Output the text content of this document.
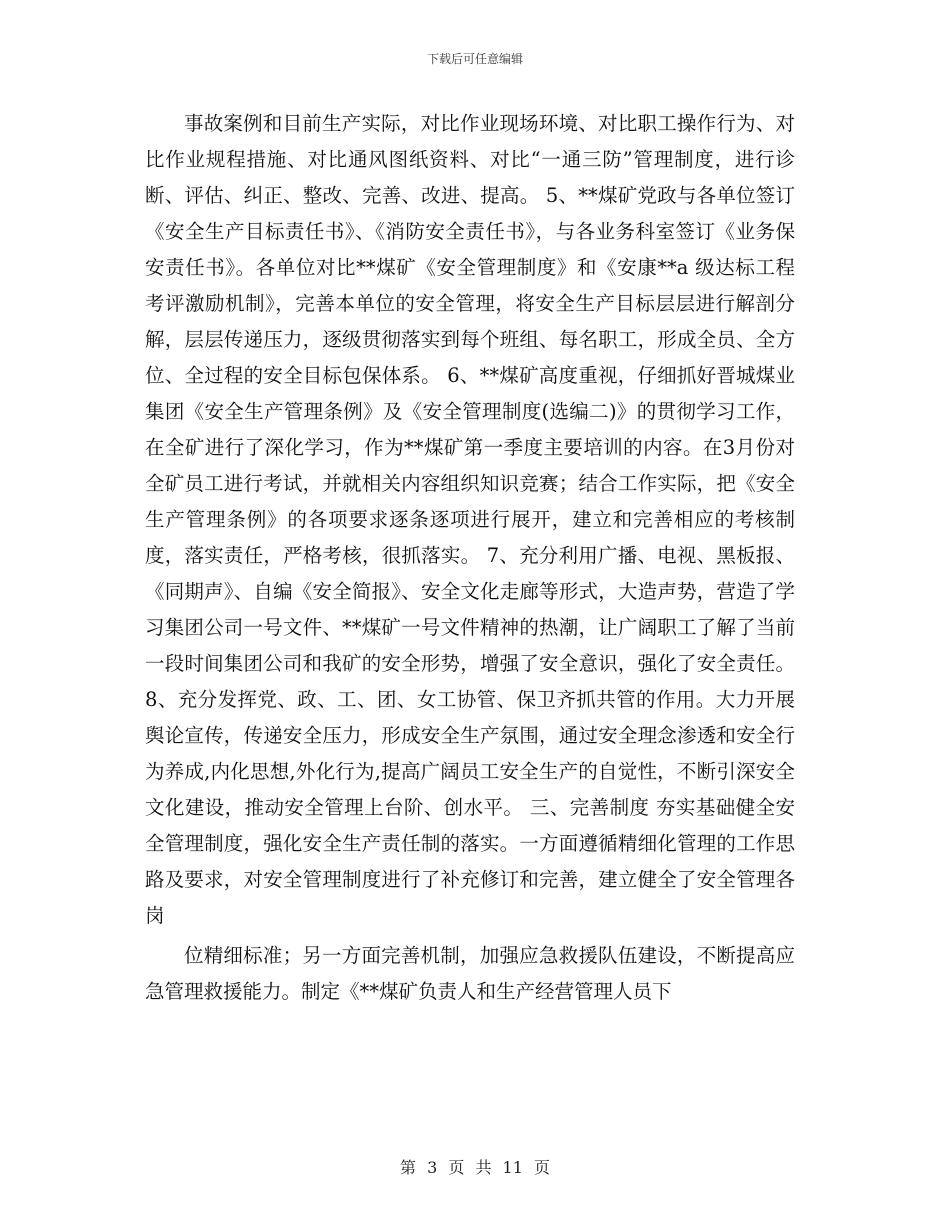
下载后可任意编辑

事故案例和目前生产实际，对比作业现场环境、对比职工操作行为、对比作业规程措施、对比通风图纸资料、对比“一通三防”管理制度，进行诊断、评估、纠正、整改、完善、改进、提高。 5、**煤矿党政与各单位签订《安全生产目标责任书》、《消防安全责任书》，与各业务科室签订《业务保安责任书》。各单位对比**煤矿《安全管理制度》和《安康**a 级达标工程考评激励机制》，完善本单位的安全管理，将安全生产目标层层进行解剖分解，层层传递压力，逐级贯彻落实到每个班组、每名职工，形成全员、全方位、全过程的安全目标包保体系。 6、**煤矿高度重视，仔细抓好晋城煤业集团《安全生产管理条例》及《安全管理制度(选编二)》的贯彻学习工作，在全矿进行了深化学习，作为**煤矿第一季度主要培训的内容。在3月份对全矿员工进行考试，并就相关内容组织知识竞赛；结合工作实际，把《安全生产管理条例》的各项要求逐条逐项进行展开，建立和完善相应的考核制度，落实责任，严格考核，很抓落实。 7、充分利用广播、电视、黑板报、《同期声》、自编《安全简报》、安全文化走廊等形式，大造声势，营造了学习集团公司一号文件、**煤矿一号文件精神的热潮，让广阔职工了解了当前一段时间集团公司和我矿的安全形势，增强了安全意识，强化了安全责任。 8、充分发挥党、政、工、团、女工协管、保卫齐抓共管的作用。大力开展舆论宣传，传递安全压力，形成安全生产氛围，通过安全理念渗透和安全行为养成,内化思想,外化行为,提高广阔员工安全生产的自觉性，不断引深安全文化建设，推动安全管理上台阶、创水平。 三、完善制度 夯实基础健全安全管理制度，强化安全生产责任制的落实。一方面遵循精细化管理的工作思路及要求，对安全管理制度进行了补充修订和完善，建立健全了安全管理各岗

位精细标准；另一方面完善机制，加强应急救援队伍建设，不断提高应急管理救援能力。制定《**煤矿负责人和生产经营管理人员下

第 3 页 共 11 页
